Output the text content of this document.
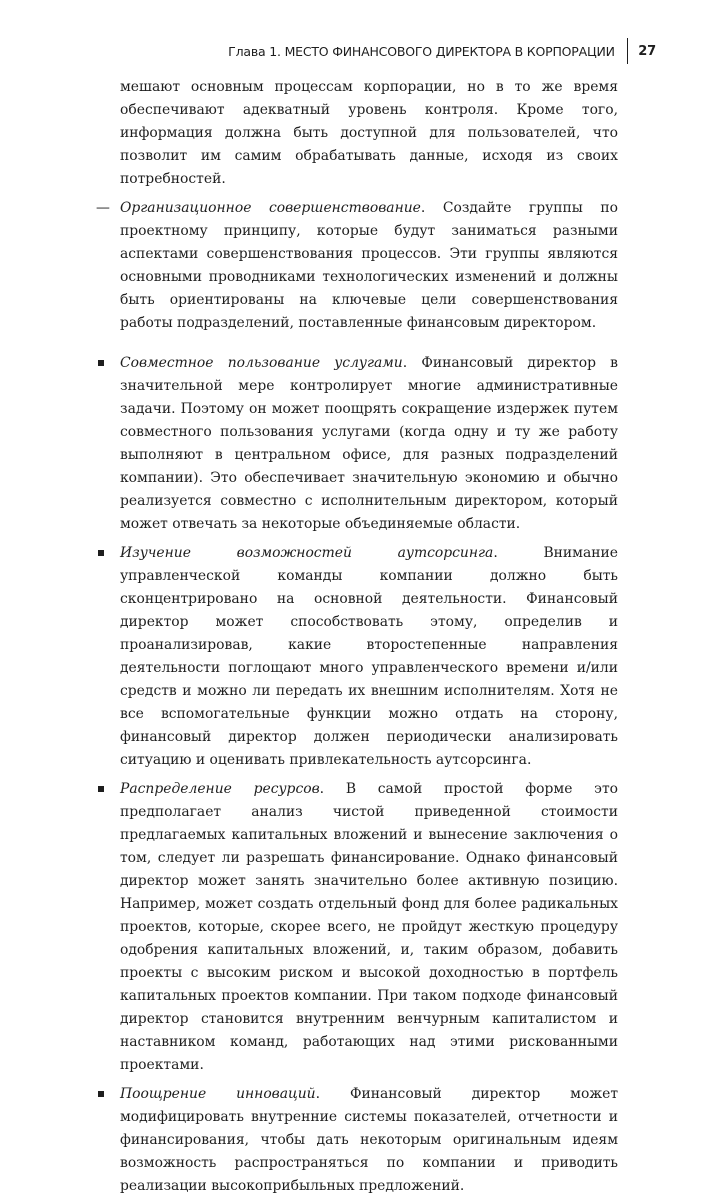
Глава 1.
МЕСТО ФИНАНСОВОГО ДИРЕКТОРА В КОРПОРАЦИИ 27

мешают основным процессам корпорации, но в то же время обеспечивают адекватный уровень контроля. Кроме того, информация должна быть доступной для пользователей, что позволит им самим обрабатывать данные, исходя из своих потребностей.

— Организационное совершенствование. Создайте группы по проектному принципу, которые будут заниматься разными аспектами совершенствования процессов. Эти группы являются основными проводниками технологических изменений и должны быть ориентированы на ключевые цели совершенствования работы подразделений, поставленные финансовым директором.
Совместное пользование услугами. Финансовый директор в значительной мере контролирует многие административные задачи. Поэтому он может поощрять сокращение издержек путем совместного пользования услугами (когда одну и ту же работу выполняют в центральном офисе, для разных подразделений компании). Это обеспечивает значительную экономию и обычно реализуется совместно с исполнительным директором, который может отвечать за некоторые объединяемые области.
Изучение возможностей аутсорсинга. Внимание управленческой команды компании должно быть сконцентрировано на основной деятельности. Финансовый директор может способствовать этому, определив и проанализировав, какие второстепенные направления деятельности поглощают много управленческого времени и/или средств и можно ли передать их внешним исполнителям. Хотя не все вспомогательные функции можно отдать на сторону, финансовый директор должен периодически анализировать ситуацию и оценивать привлекательность аутсорсинга.
Распределение ресурсов. В самой простой форме это предполагает анализ чистой приведенной стоимости предлагаемых капитальных вложений и вынесение заключения о том, следует ли разрешать финансирование. Однако финансовый директор может занять значительно более активную позицию. Например, может создать отдельный фонд для более радикальных проектов, которые, скорее всего, не пройдут жесткую процедуру одобрения капитальных вложений, и, таким образом, добавить проекты с высоким риском и высокой доходностью в портфель капитальных проектов компании. При таком подходе финансовый директор становится внутренним венчурным капиталистом и наставником команд, работающих над этими рискованными проектами.
Поощрение инноваций. Финансовый директор может модифицировать внутренние системы показателей, отчетности и финансирования, чтобы дать некоторым оригинальным идеям возможность распространяться по компании и приводить реализации высокоприбыльных предложений.
